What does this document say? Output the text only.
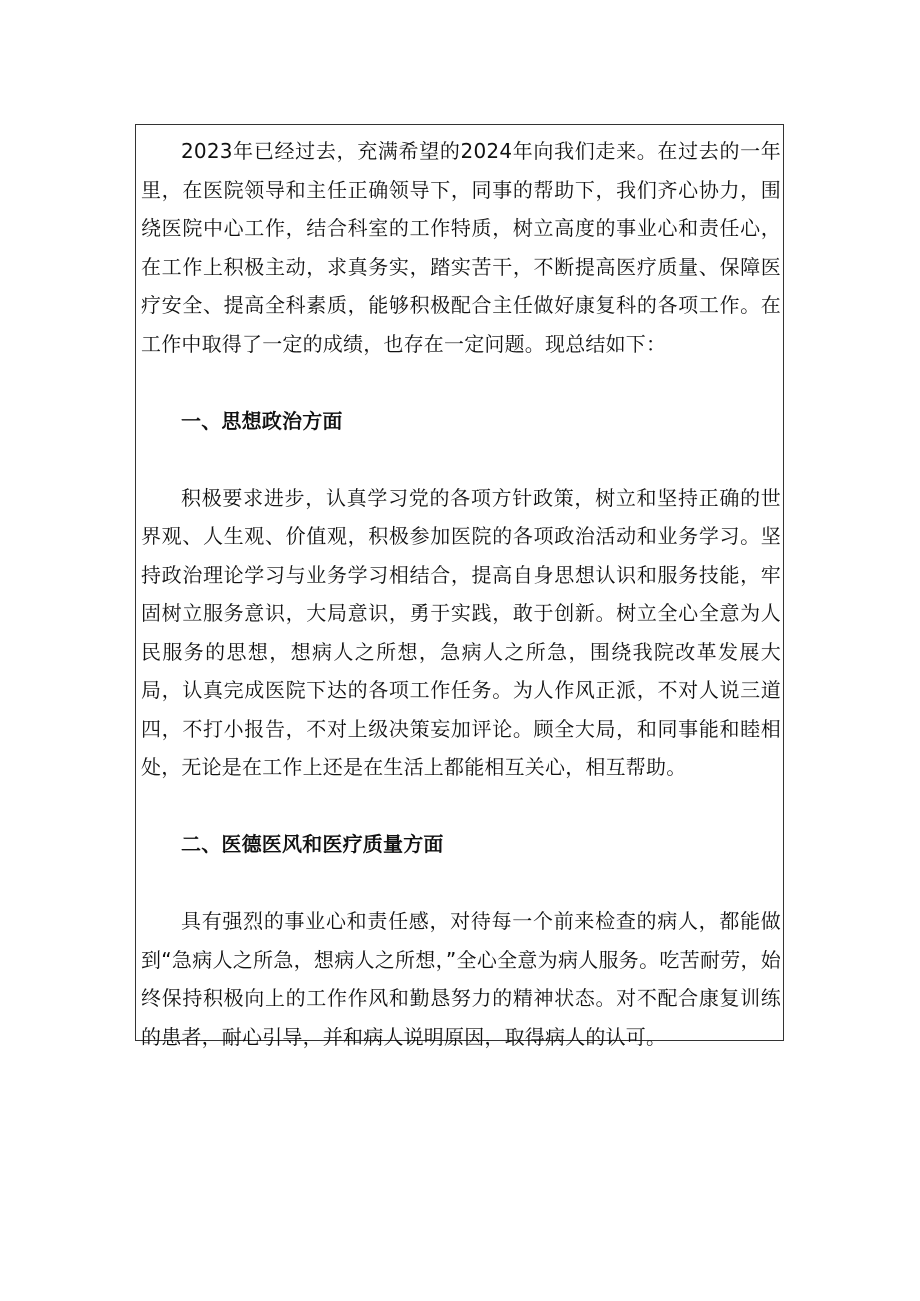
2023年已经过去，充满希望的2024年向我们走来。在过去的一年里，在医院领导和主任正确领导下，同事的帮助下，我们齐心协力，围绕医院中心工作，结合科室的工作特质，树立高度的事业心和责任心，在工作上积极主动，求真务实，踏实苦干，不断提高医疗质量、保障医疗安全、提高全科素质，能够积极配合主任做好康复科的各项工作。在工作中取得了一定的成绩，也存在一定问题。现总结如下：

一、思想政治方面

积极要求进步，认真学习党的各项方针政策，树立和坚持正确的世界观、人生观、价值观，积极参加医院的各项政治活动和业务学习。坚持政治理论学习与业务学习相结合，提高自身思想认识和服务技能，牢固树立服务意识，大局意识，勇于实践，敢于创新。树立全心全意为人民服务的思想，想病人之所想，急病人之所急，围绕我院改革发展大局，认真完成医院下达的各项工作任务。为人作风正派，不对人说三道四，不打小报告，不对上级决策妄加评论。顾全大局，和同事能和睦相处，无论是在工作上还是在生活上都能相互关心，相互帮助。

二、医德医风和医疗质量方面

具有强烈的事业心和责任感，对待每一个前来检查的病人，都能做到“急病人之所急，想病人之所想，”全心全意为病人服务。吃苦耐劳，始终保持积极向上的工作作风和勤恳努力的精神状态。对不配合康复训练的患者，耐心引导，并和病人说明原因，取得病人的认可。
